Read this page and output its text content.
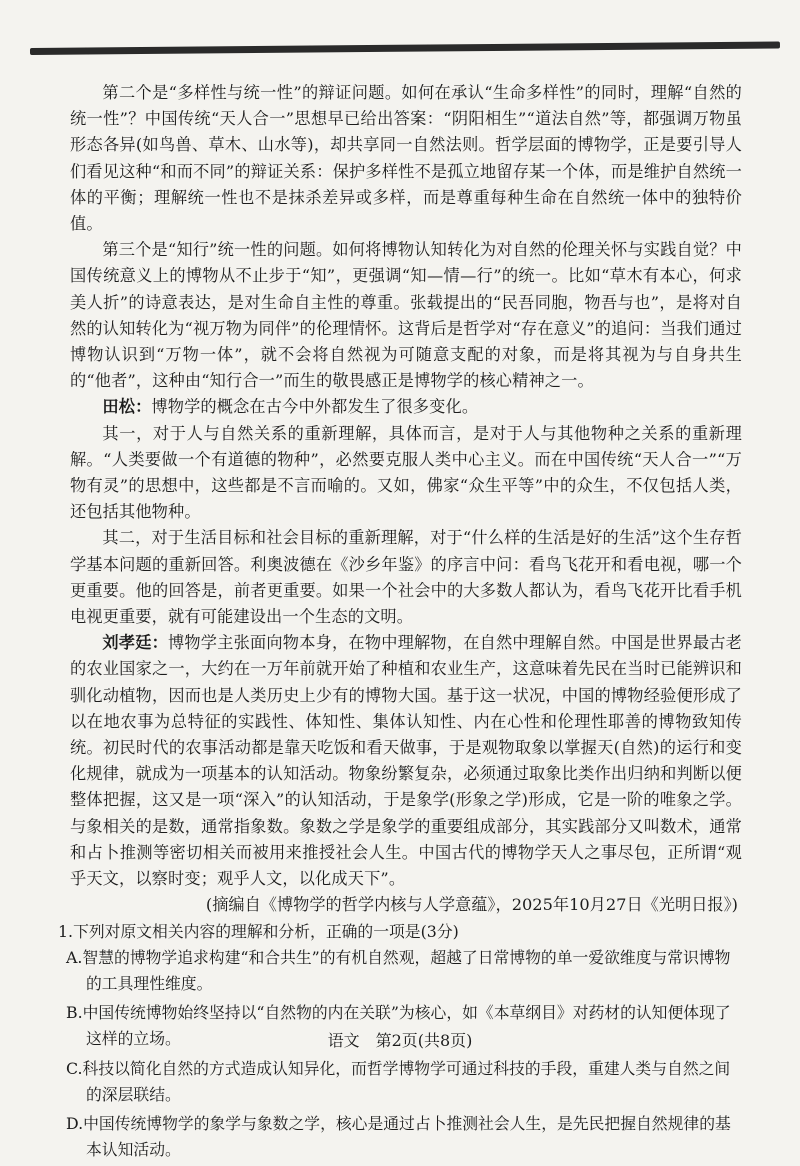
第二个是“多样性与统一性”的辩证问题。如何在承认“生命多样性”的同时，理解“自然的统一性”？中国传统“天人合一”思想早已给出答案：“阴阳相生”“道法自然”等，都强调万物虽形态各异(如鸟兽、草木、山水等)，却共享同一自然法则。哲学层面的博物学，正是要引导人们看见这种“和而不同”的辩证关系：保护多样性不是孤立地留存某一个体，而是维护自然统一体的平衡；理解统一性也不是抹杀差异或多样，而是尊重每种生命在自然统一体中的独特价值。

第三个是“知行”统一性的问题。如何将博物认知转化为对自然的伦理关怀与实践自觉？中国传统意义上的博物从不止步于“知”，更强调“知—情—行”的统一。比如“草木有本心，何求美人折”的诗意表达，是对生命自主性的尊重。张载提出的“民吾同胞，物吾与也”，是将对自然的认知转化为“视万物为同伴”的伦理情怀。这背后是哲学对“存在意义”的追问：当我们通过博物认识到“万物一体”，就不会将自然视为可随意支配的对象，而是将其视为与自身共生的“他者”，这种由“知行合一”而生的敬畏感正是博物学的核心精神之一。

田松：博物学的概念在古今中外都发生了很多变化。

其一，对于人与自然关系的重新理解，具体而言，是对于人与其他物种之关系的重新理解。“人类要做一个有道德的物种”，必然要克服人类中心主义。而在中国传统“天人合一”“万物有灵”的思想中，这些都是不言而喻的。又如，佛家“众生平等”中的众生，不仅包括人类，还包括其他物种。

其二，对于生活目标和社会目标的重新理解，对于“什么样的生活是好的生活”这个生存哲学基本问题的重新回答。利奥波德在《沙乡年鉴》的序言中问：看鸟飞花开和看电视，哪一个更重要。他的回答是，前者更重要。如果一个社会中的大多数人都认为，看鸟飞花开比看手机电视更重要，就有可能建设出一个生态的文明。

刘孝廷：博物学主张面向物本身，在物中理解物，在自然中理解自然。中国是世界最古老的农业国家之一，大约在一万年前就开始了种植和农业生产，这意味着先民在当时已能辨识和驯化动植物，因而也是人类历史上少有的博物大国。基于这一状况，中国的博物经验便形成了以在地农事为总特征的实践性、体知性、集体认知性、内在心性和伦理性耶善的博物致知传统。初民时代的农事活动都是靠天吃饭和看天做事，于是观物取象以掌握天(自然)的运行和变化规律，就成为一项基本的认知活动。物象纷繁复杂，必须通过取象比类作出归纳和判断以便整体把握，这又是一项“深入”的认知活动，于是象学(形象之学)形成，它是一阶的唯象之学。与象相关的是数，通常指象数。象数之学是象学的重要组成部分，其实践部分又叫数术，通常和占卜推测等密切相关而被用来推授社会人生。中国古代的博物学天人之事尽包，正所谓“观乎天文，以察时变；观乎人文，以化成天下”。

(摘编自《博物学的哲学内核与人学意蕴》，2025年10月27日《光明日报》)

1.下列对原文相关内容的理解和分析，正确的一项是(3分)

A.智慧的博物学追求构建“和合共生”的有机自然观，超越了日常博物的单一爱欲维度与常识博物的工具理性维度。

B.中国传统博物始终坚持以“自然物的内在关联”为核心，如《本草纲目》对药材的认知便体现了这样的立场。

C.科技以简化自然的方式造成认知异化，而哲学博物学可通过科技的手段，重建人类与自然之间的深层联结。

D.中国传统博物学的象学与象数之学，核心是通过占卜推测社会人生，是先民把握自然规律的基本认知活动。

语文　第2页(共8页)
